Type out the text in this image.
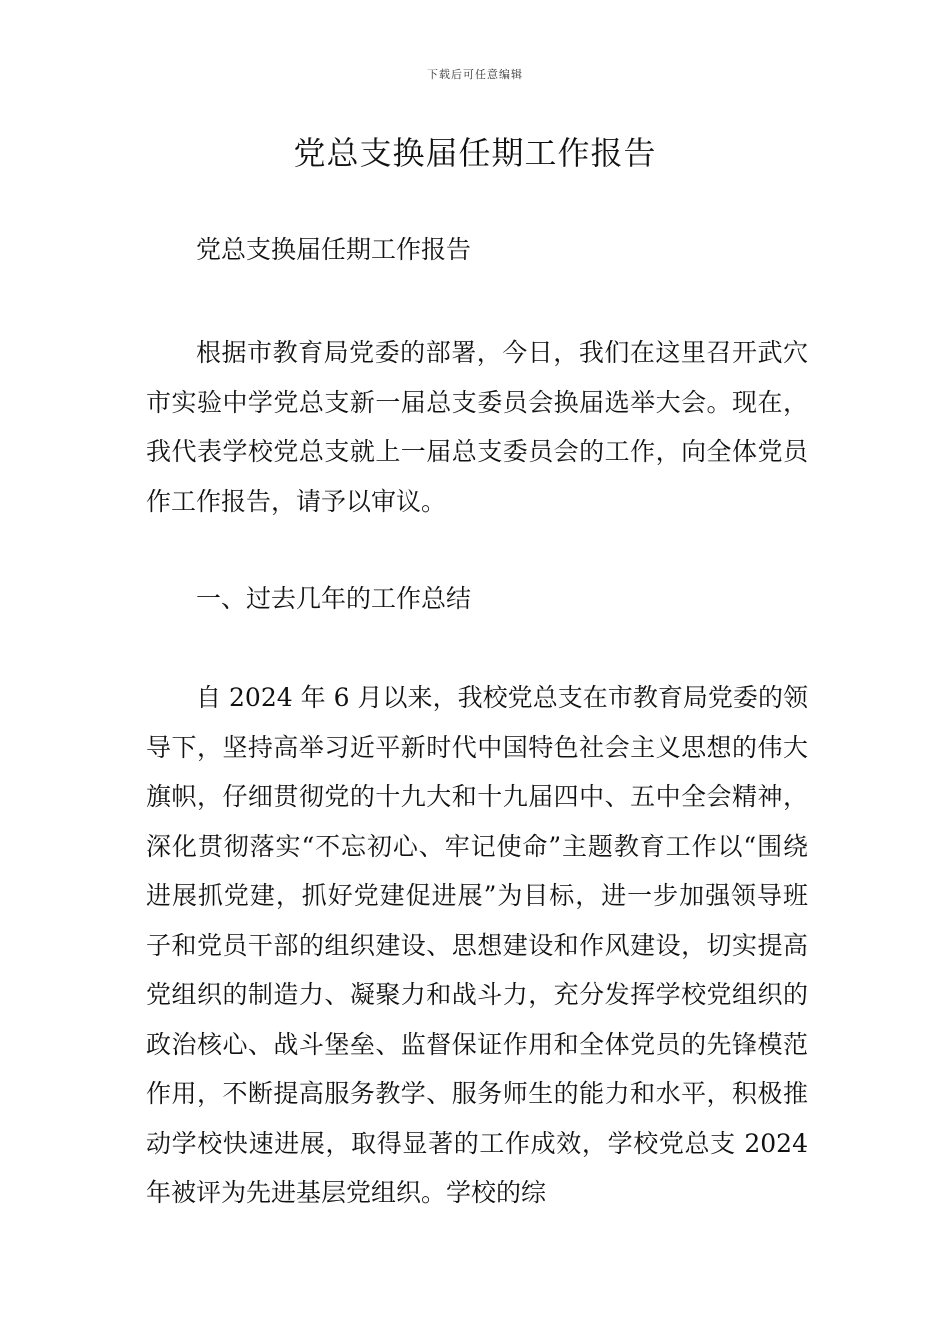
下载后可任意编辑
党总支换届任期工作报告

党总支换届任期工作报告

根据市教育局党委的部署，今日，我们在这里召开武穴市实验中学党总支新一届总支委员会换届选举大会。现在，我代表学校党总支就上一届总支委员会的工作，向全体党员作工作报告，请予以审议。

一、过去几年的工作总结

自 2024 年 6 月以来，我校党总支在市教育局党委的领导下，坚持高举习近平新时代中国特色社会主义思想的伟大旗帜，仔细贯彻党的十九大和十九届四中、五中全会精神，深化贯彻落实“不忘初心、牢记使命”主题教育工作以“围绕进展抓党建，抓好党建促进展”为目标，进一步加强领导班子和党员干部的组织建设、思想建设和作风建设，切实提高党组织的制造力、凝聚力和战斗力，充分发挥学校党组织的政治核心、战斗堡垒、监督保证作用和全体党员的先锋模范作用，不断提高服务教学、服务师生的能力和水平，积极推动学校快速进展，取得显著的工作成效，学校党总支 2024 年被评为先进基层党组织。学校的综
